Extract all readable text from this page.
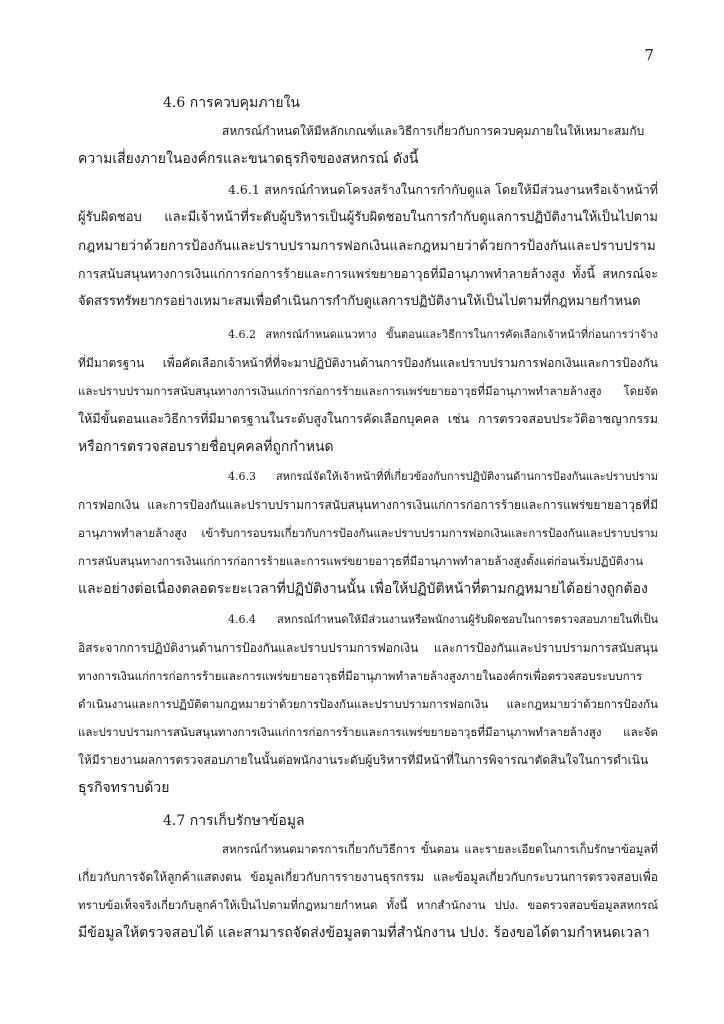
7
4.6 การควบคุมภายใน
สหกรณ์กำหนดให้มีหลักเกณฑ์และวิธีการเกี่ยวกับการควบคุมภายในให้เหมาะสมกับ
ความเสี่ยงภายในองค์กรและขนาดธุรกิจของสหกรณ์ ดังนี้
4.6.1 สหกรณ์กำหนดโครงสร้างในการกำกับดูแล โดยให้มีส่วนงานหรือเจ้าหน้าที่
ผู้รับผิดชอบ และมีเจ้าหน้าที่ระดับผู้บริหารเป็นผู้รับผิดชอบในการกำกับดูแลการปฏิบัติงานให้เป็นไปตาม
กฎหมายว่าด้วยการป้องกันและปราบปรามการฟอกเงินและกฎหมายว่าด้วยการป้องกันและปราบปราม
การสนับสนุนทางการเงินแก่การก่อการร้ายและการแพร่ขยายอาวุธที่มีอานุภาพทำลายล้างสูง ทั้งนี้ สหกรณ์จะ
จัดสรรทรัพยากรอย่างเหมาะสมเพื่อดำเนินการกำกับดูแลการปฏิบัติงานให้เป็นไปตามที่กฎหมายกำหนด
4.6.2 สหกรณ์กำหนดแนวทาง ขั้นตอนและวิธีการในการคัดเลือกเจ้าหน้าที่ก่อนการว่าจ้าง
ที่มีมาตรฐาน เพื่อคัดเลือกเจ้าหน้าที่ที่จะมาปฏิบัติงานด้านการป้องกันและปราบปรามการฟอกเงินและการป้องกัน
และปราบปรามการสนับสนุนทางการเงินแก่การก่อการร้ายและการแพร่ขยายอาวุธที่มีอานุภาพทำลายล้างสูง โดยจัด
ให้มีขั้นตอนและวิธีการที่มีมาตรฐานในระดับสูงในการคัดเลือกบุคคล เช่น การตรวจสอบประวัติอาชญากรรม
หรือการตรวจสอบรายชื่อบุคคลที่ถูกกำหนด
4.6.3 สหกรณ์จัดให้เจ้าหน้าที่ที่เกี่ยวข้องกับการปฏิบัติงานด้านการป้องกันและปราบปราม
การฟอกเงิน และการป้องกันและปราบปรามการสนับสนุนทางการเงินแก่การก่อการร้ายและการแพร่ขยายอาวุธที่มี
อานุภาพทำลายล้างสูง เข้ารับการอบรมเกี่ยวกับการป้องกันและปราบปรามการฟอกเงินและการป้องกันและปราบปราม
การสนับสนุนทางการเงินแก่การก่อการร้ายและการแพร่ขยายอาวุธที่มีอานุภาพทำลายล้างสูงตั้งแต่ก่อนเริ่มปฏิบัติงาน
และอย่างต่อเนื่องตลอดระยะเวลาที่ปฏิบัติงานนั้น เพื่อให้ปฏิบัติหน้าที่ตามกฎหมายได้อย่างถูกต้อง
4.6.4 สหกรณ์กำหนดให้มีส่วนงานหรือพนักงานผู้รับผิดชอบในการตรวจสอบภายในที่เป็น
อิสระจากการปฏิบัติงานด้านการป้องกันและปราบปรามการฟอกเงิน และการป้องกันและปราบปรามการสนับสนุน
ทางการเงินแก่การก่อการร้ายและการแพร่ขยายอาวุธที่มีอานุภาพทำลายล้างสูงภายในองค์กรเพื่อตรวจสอบระบบการ
ดำเนินงานและการปฏิบัติตามกฎหมายว่าด้วยการป้องกันและปราบปรามการฟอกเงิน และกฎหมายว่าด้วยการป้องกัน
และปราบปรามการสนับสนุนทางการเงินแก่การก่อการร้ายและการแพร่ขยายอาวุธที่มีอานุภาพทำลายล้างสูง และจัด
ให้มีรายงานผลการตรวจสอบภายในนั้นต่อพนักงานระดับผู้บริหารที่มีหน้าที่ในการพิจารณาตัดสินใจในการดำเนิน
ธุรกิจทราบด้วย
4.7 การเก็บรักษาข้อมูล
สหกรณ์กำหนดมาตรการเกี่ยวกับวิธีการ ขั้นตอน และรายละเอียดในการเก็บรักษาข้อมูลที่
เกี่ยวกับการจัดให้ลูกค้าแสดงตน ข้อมูลเกี่ยวกับการรายงานธุรกรรม และข้อมูลเกี่ยวกับกระบวนการตรวจสอบเพื่อ
ทราบข้อเท็จจริงเกี่ยวกับลูกค้าให้เป็นไปตามที่กฎหมายกำหนด ทั้งนี้ หากสำนักงาน ปปง. ขอตรวจสอบข้อมูลสหกรณ์
มีข้อมูลให้ตรวจสอบได้ และสามารถจัดส่งข้อมูลตามที่สำนักงาน ปปง. ร้องขอได้ตามกำหนดเวลา
